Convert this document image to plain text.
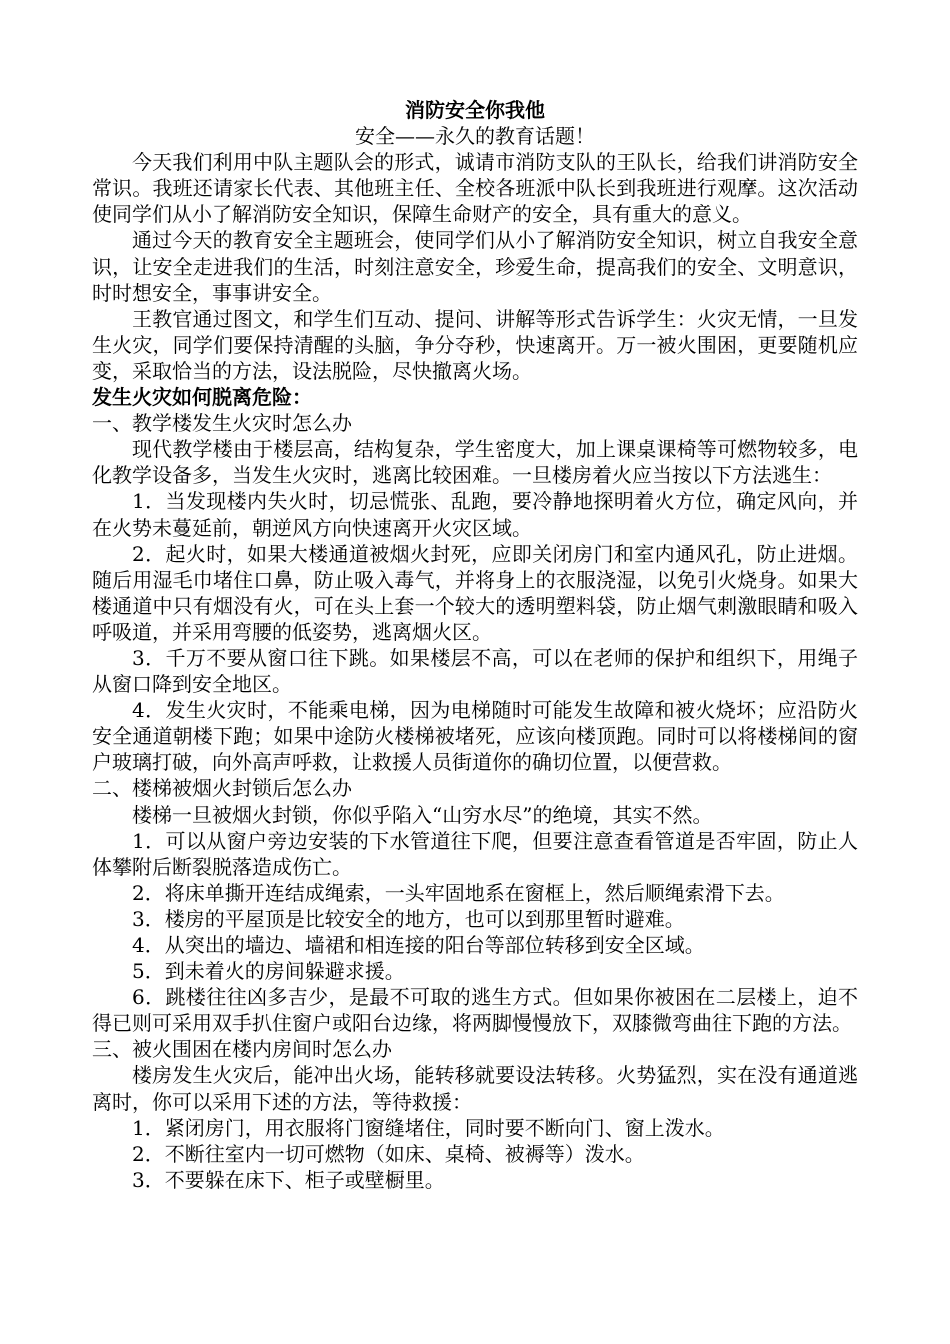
消防安全你我他

安全——永久的教育话题！

今天我们利用中队主题队会的形式，诚请市消防支队的王队长，给我们讲消防安全常识。我班还请家长代表、其他班主任、全校各班派中队长到我班进行观摩。这次活动使同学们从小了解消防安全知识，保障生命财产的安全，具有重大的意义。

通过今天的教育安全主题班会，使同学们从小了解消防安全知识，树立自我安全意识，让安全走进我们的生活，时刻注意安全，珍爱生命，提高我们的安全、文明意识，时时想安全，事事讲安全。

王教官通过图文，和学生们互动、提问、讲解等形式告诉学生：火灾无情，一旦发生火灾，同学们要保持清醒的头脑，争分夺秒，快速离开。万一被火围困，更要随机应变，采取恰当的方法，设法脱险，尽快撤离火场。

发生火灾如何脱离危险：

一、教学楼发生火灾时怎么办

现代教学楼由于楼层高，结构复杂，学生密度大，加上课桌课椅等可燃物较多，电化教学设备多，当发生火灾时，逃离比较困难。一旦楼房着火应当按以下方法逃生：

1．当发现楼内失火时，切忌慌张、乱跑，要冷静地探明着火方位，确定风向，并在火势未蔓延前，朝逆风方向快速离开火灾区域。

2．起火时，如果大楼通道被烟火封死，应即关闭房门和室内通风孔，防止进烟。随后用湿毛巾堵住口鼻，防止吸入毒气，并将身上的衣服浇湿，以免引火烧身。如果大楼通道中只有烟没有火，可在头上套一个较大的透明塑料袋，防止烟气刺激眼睛和吸入呼吸道，并采用弯腰的低姿势，逃离烟火区。

3．千万不要从窗口往下跳。如果楼层不高，可以在老师的保护和组织下，用绳子从窗口降到安全地区。

4．发生火灾时，不能乘电梯，因为电梯随时可能发生故障和被火烧坏；应沿防火安全通道朝楼下跑；如果中途防火楼梯被堵死，应该向楼顶跑。同时可以将楼梯间的窗户玻璃打破，向外高声呼救，让救援人员街道你的确切位置，以便营救。

二、楼梯被烟火封锁后怎么办

楼梯一旦被烟火封锁，你似乎陷入“山穷水尽”的绝境，其实不然。

1．可以从窗户旁边安装的下水管道往下爬，但要注意查看管道是否牢固，防止人体攀附后断裂脱落造成伤亡。

2．将床单撕开连结成绳索，一头牢固地系在窗框上，然后顺绳索滑下去。

3．楼房的平屋顶是比较安全的地方，也可以到那里暂时避难。

4．从突出的墙边、墙裙和相连接的阳台等部位转移到安全区域。

5．到未着火的房间躲避求援。

6．跳楼往往凶多吉少，是最不可取的逃生方式。但如果你被困在二层楼上，迫不得已则可采用双手扒住窗户或阳台边缘，将两脚慢慢放下，双膝微弯曲往下跑的方法。

三、被火围困在楼内房间时怎么办

楼房发生火灾后，能冲出火场，能转移就要设法转移。火势猛烈，实在没有通道逃离时，你可以采用下述的方法，等待救援：

1．紧闭房门，用衣服将门窗缝堵住，同时要不断向门、窗上泼水。

2．不断往室内一切可燃物（如床、桌椅、被褥等）泼水。

3．不要躲在床下、柜子或壁橱里。
